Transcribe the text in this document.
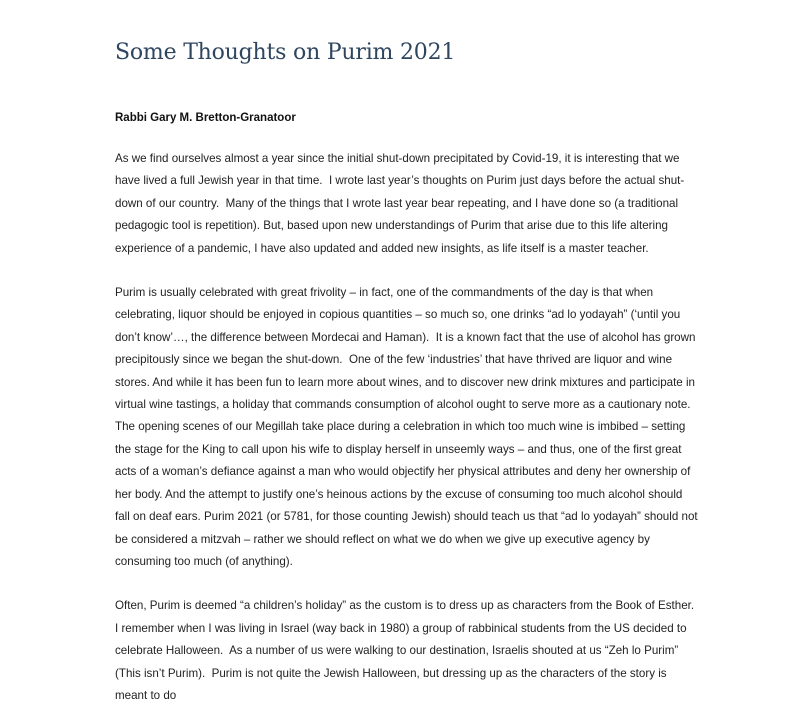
Some Thoughts on Purim 2021

Rabbi Gary M. Bretton-Granatoor

As we find ourselves almost a year since the initial shut-down precipitated by Covid-19, it is interesting that we have lived a full Jewish year in that time.  I wrote last year’s thoughts on Purim just days before the actual shut-down of our country.  Many of the things that I wrote last year bear repeating, and I have done so (a traditional pedagogic tool is repetition). But, based upon new understandings of Purim that arise due to this life altering experience of a pandemic, I have also updated and added new insights, as life itself is a master teacher.

Purim is usually celebrated with great frivolity – in fact, one of the commandments of the day is that when celebrating, liquor should be enjoyed in copious quantities – so much so, one drinks “ad lo yodayah” (‘until you don’t know’…, the difference between Mordecai and Haman).  It is a known fact that the use of alcohol has grown precipitously since we began the shut-down.  One of the few ‘industries’ that have thrived are liquor and wine stores. And while it has been fun to learn more about wines, and to discover new drink mixtures and participate in virtual wine tastings, a holiday that commands consumption of alcohol ought to serve more as a cautionary note.  The opening scenes of our Megillah take place during a celebration in which too much wine is imbibed – setting the stage for the King to call upon his wife to display herself in unseemly ways – and thus, one of the first great acts of a woman’s defiance against a man who would objectify her physical attributes and deny her ownership of her body. And the attempt to justify one’s heinous actions by the excuse of consuming too much alcohol should fall on deaf ears. Purim 2021 (or 5781, for those counting Jewish) should teach us that “ad lo yodayah” should not be considered a mitzvah – rather we should reflect on what we do when we give up executive agency by consuming too much (of anything).

Often, Purim is deemed “a children’s holiday” as the custom is to dress up as characters from the Book of Esther.  I remember when I was living in Israel (way back in 1980) a group of rabbinical students from the US decided to celebrate Halloween.  As a number of us were walking to our destination, Israelis shouted at us “Zeh lo Purim” (This isn’t Purim).  Purim is not quite the Jewish Halloween, but dressing up as the characters of the story is meant to do
